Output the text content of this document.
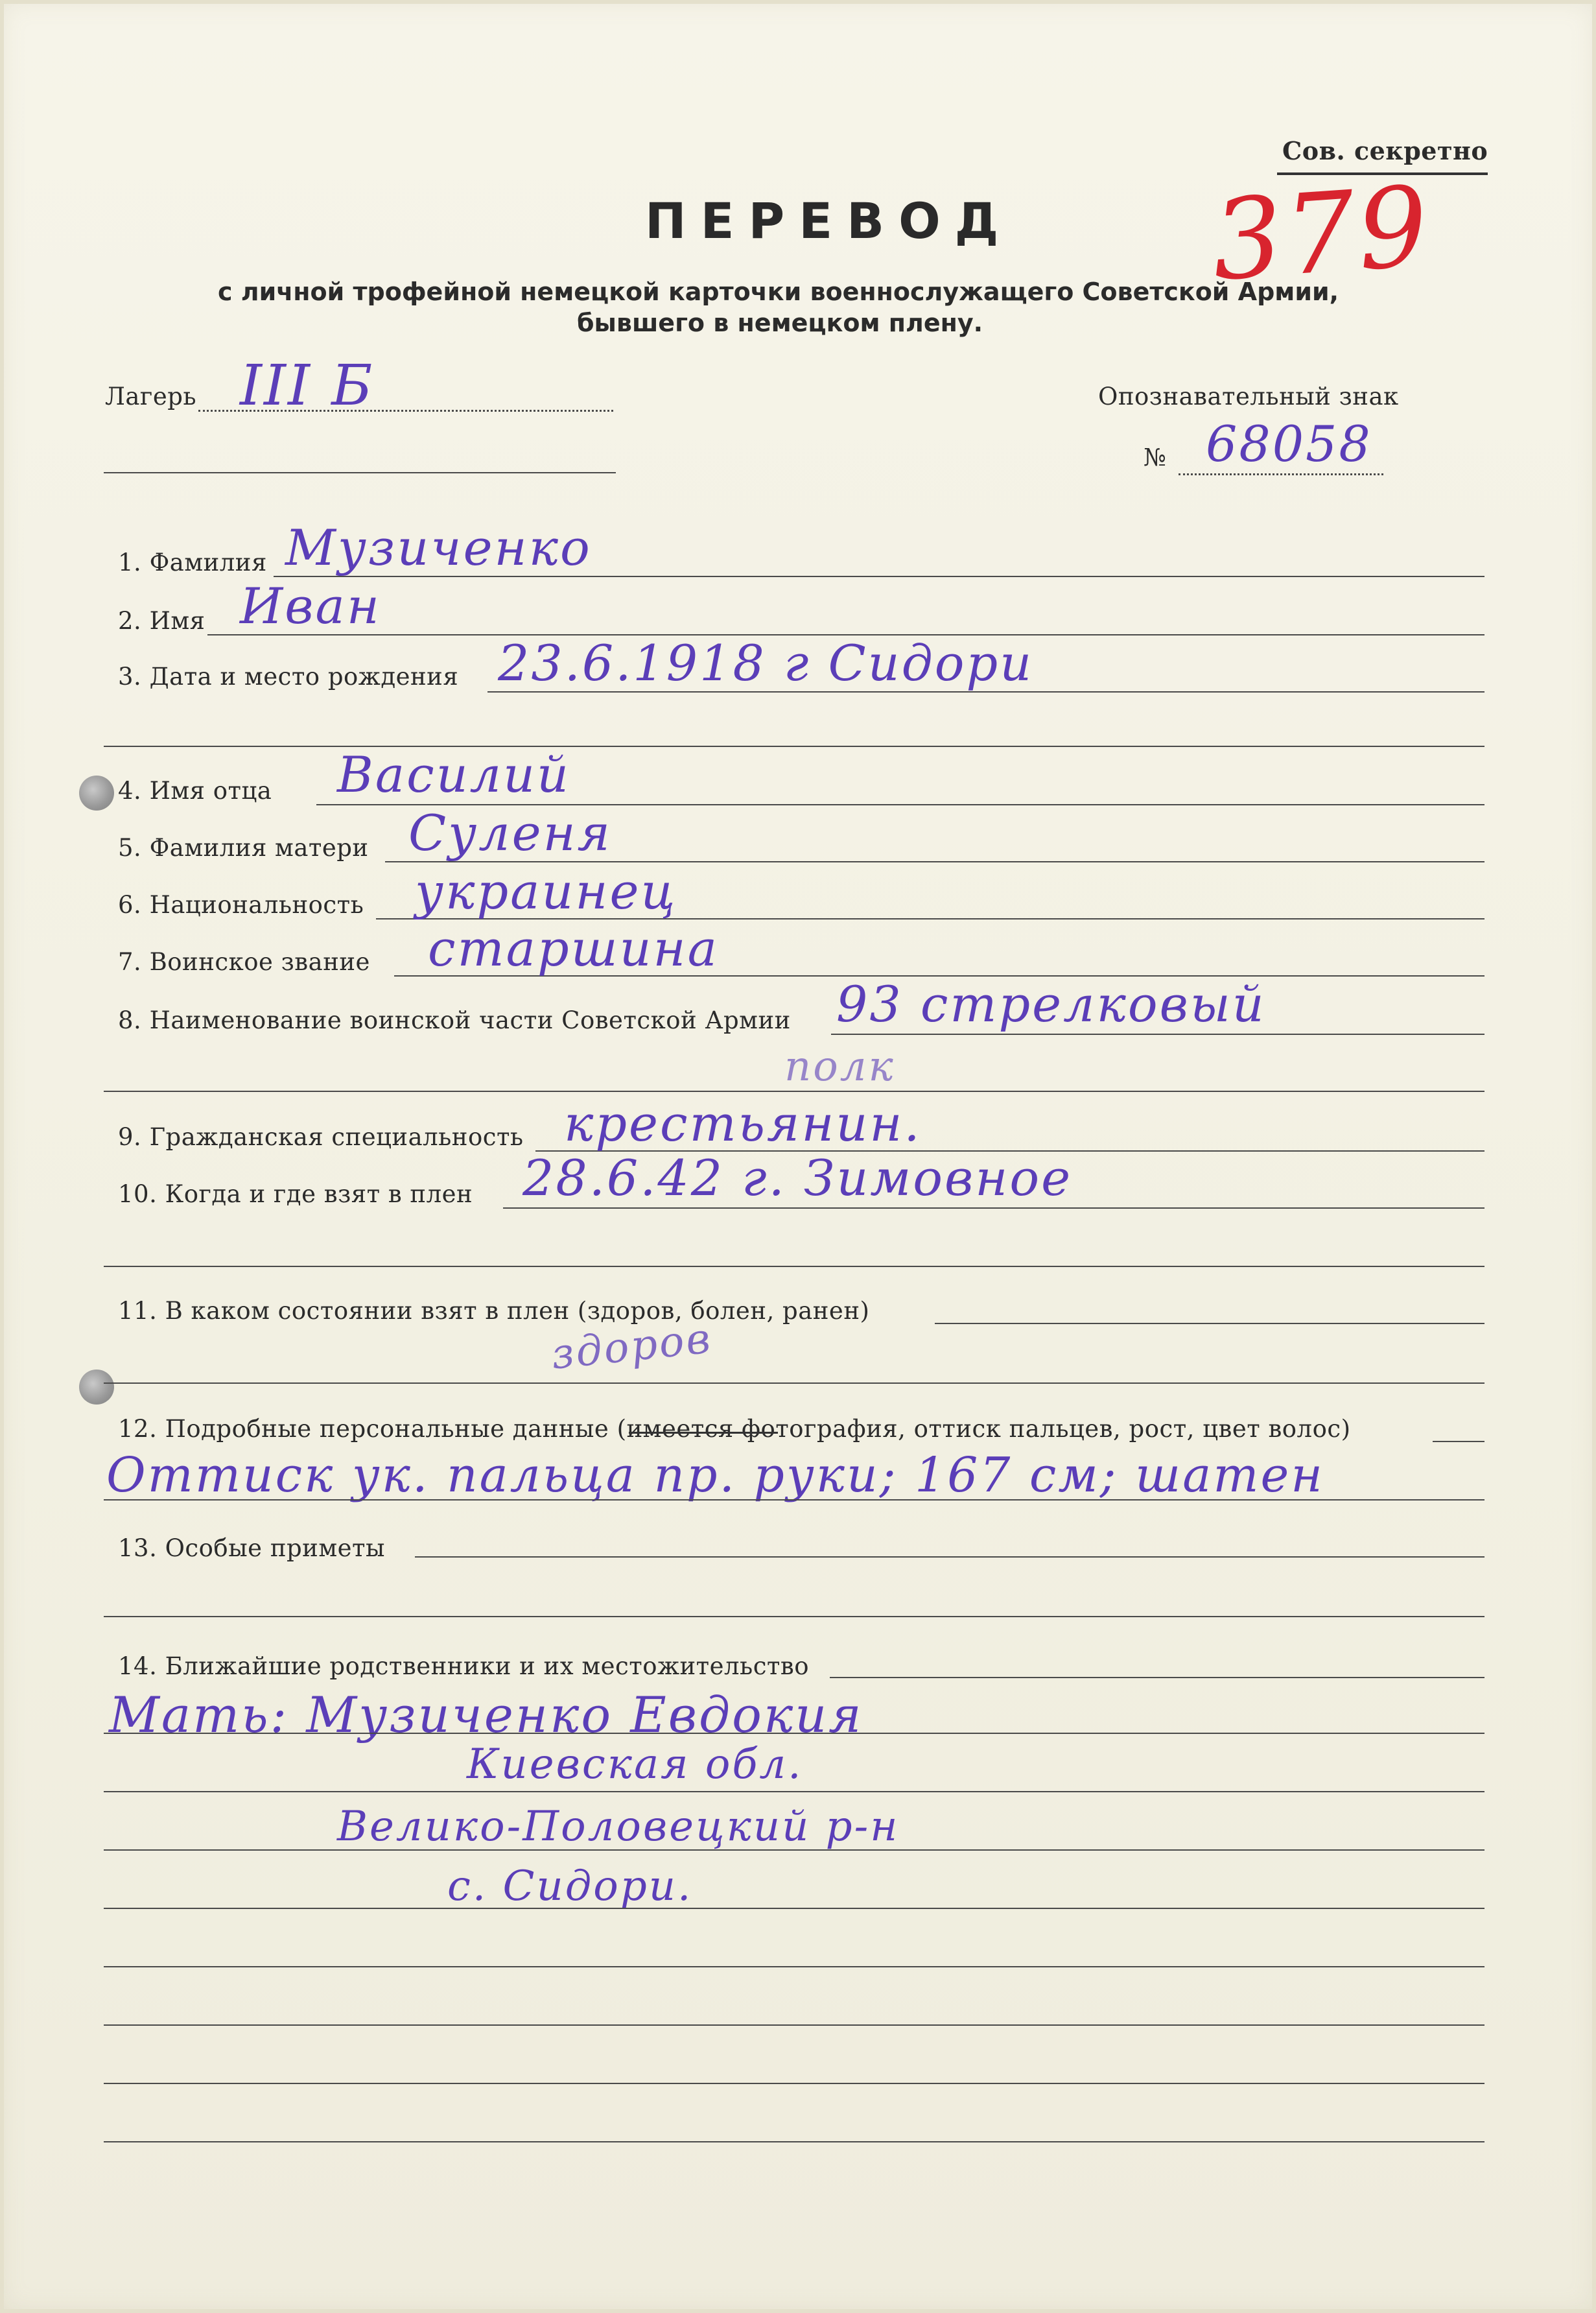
Сов. секретно
ПЕРЕВОД 379
с личной трофейной немецкой карточки военнослужащего Советской Армии,
бывшего в немецком плену.
Лагерь III Б	Опознавательный знак
№ 68058
1. Фамилия Музиченко
2. Имя Иван
3. Дата и место рождения 23.6.1918 г Сидори
4. Имя отца Василий
5. Фамилия матери Суленя
6. Национальность украинец
7. Воинское звание старшина
8. Наименование воинской части Советской Армии 93 стрелковый
полк
9. Гражданская специальность крестьянин.
10. Когда и где взят в плен 28.6.42 г. Зимовное
11. В каком состоянии взят в плен (здоров, болен, ранен)
здоров
12. Подробные персональные данные (имеется фотография, оттиск пальцев, рост, цвет волос)
Оттиск ук. пальца пр. руки; 167 см; шатен
13. Особые приметы
14. Ближайшие родственники и их местожительство
Мать: Музиченко Евдокия
Киевская обл.
Велико-Половецкий р-н
с. Сидори.
